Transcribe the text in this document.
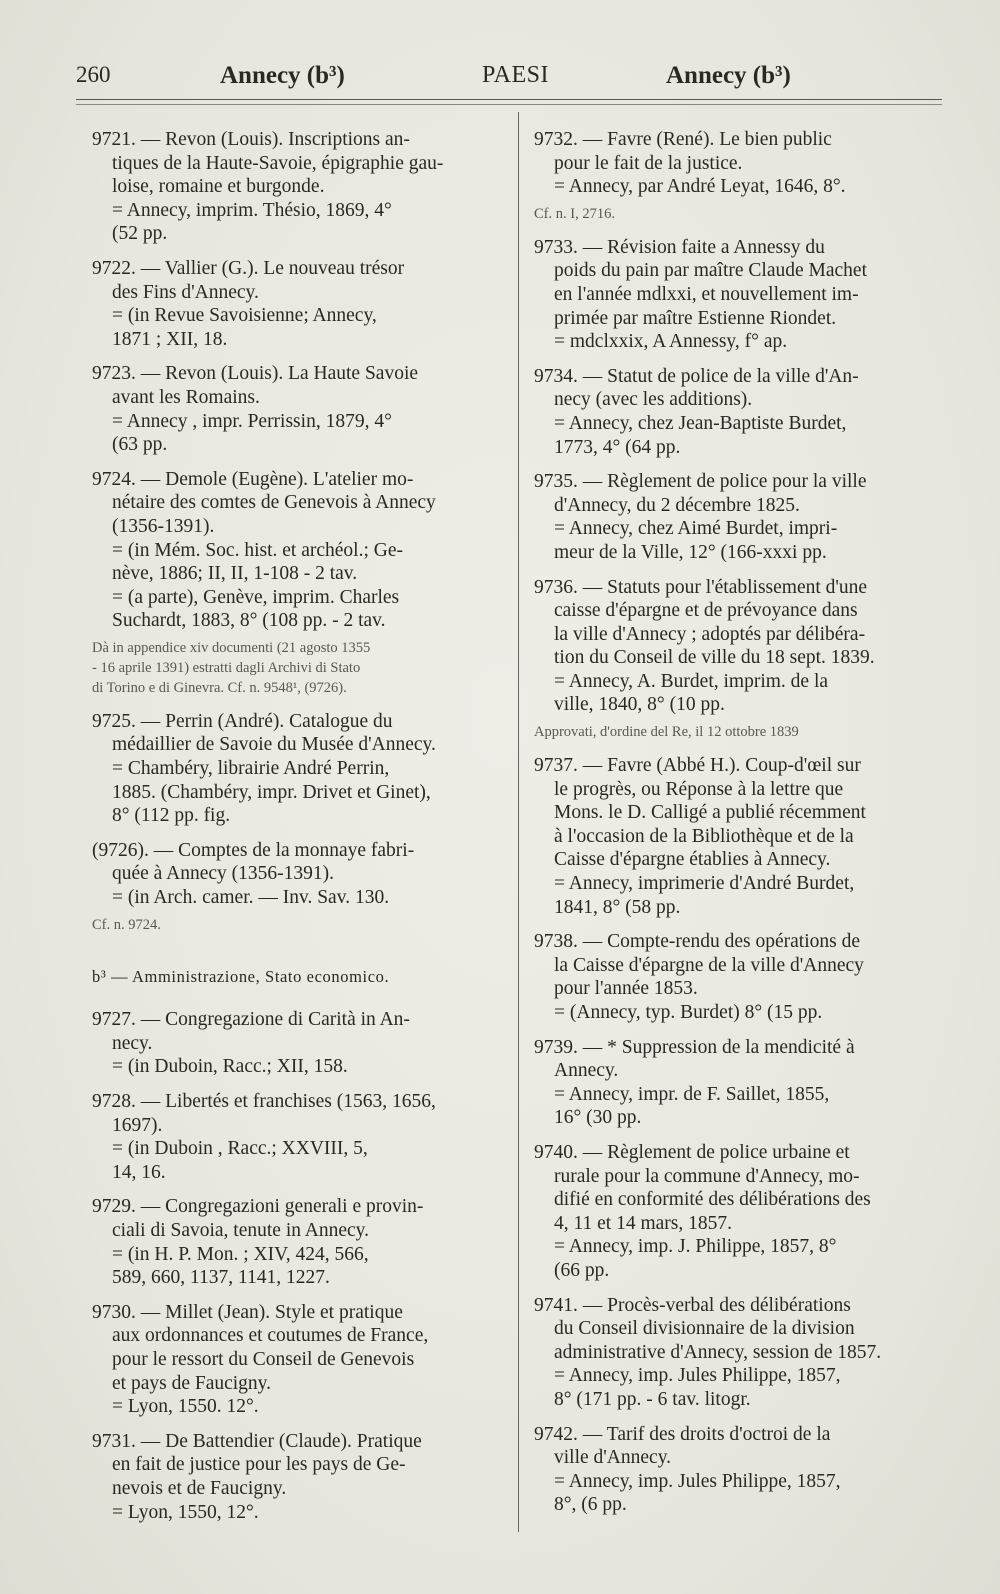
260	Annecy (b³)	PAESI	Annecy (b³)
9721. — Revon (Louis). Inscriptions an-
tiques de la Haute-Savoie, épigraphie gau-
loise, romaine et burgonde.
= Annecy, imprim. Thésio, 1869, 4°
(52 pp.
9722. — Vallier (G.). Le nouveau trésor
des Fins d'Annecy.
= (in Revue Savoisienne; Annecy,
1871 ; XII, 18.
9723. — Revon (Louis). La Haute Savoie
avant les Romains.
= Annecy , impr. Perrissin, 1879, 4°
(63 pp.
9724. — Demole (Eugène). L'atelier mo-
nétaire des comtes de Genevois à Annecy
(1356-1391).
= (in Mém. Soc. hist. et archéol.; Ge-
nève, 1886; II, II, 1-108 - 2 tav.
= (a parte), Genève, imprim. Charles
Suchardt, 1883, 8° (108 pp. - 2 tav.
Dà in appendice xiv documenti (21 agosto 1355
- 16 aprile 1391) estratti dagli Archivi di Stato
di Torino e di Ginevra. Cf. n. 9548¹, (9726).
9725. — Perrin (André). Catalogue du
médaillier de Savoie du Musée d'Annecy.
= Chambéry, librairie André Perrin,
1885. (Chambéry, impr. Drivet et Ginet),
8° (112 pp. fig.
(9726). — Comptes de la monnaye fabri-
quée à Annecy (1356-1391).
= (in Arch. camer. — Inv. Sav. 130.
Cf. n. 9724.
b³ — Amministrazione, Stato economico.
9727. — Congregazione di Carità in An-
necy.
= (in Dubоin, Racc.; XII, 158.
9728. — Libertés et franchises (1563, 1656,
1697).
= (in Duboin , Racc.; XXVIII, 5,
14, 16.
9729. — Congregazioni generali e provin-
ciali di Savoia, tenute in Annecy.
= (in H. P. Mon. ; XIV, 424, 566,
589, 660, 1137, 1141, 1227.
9730. — Millet (Jean). Style et pratique
aux ordonnances et coutumes de France,
pour le ressort du Conseil de Genevois
et pays de Faucigny.
= Lyon, 1550. 12°.
9731. — De Battendier (Claude). Pratique
en fait de justice pour les pays de Ge-
nevois et de Faucigny.
= Lyon, 1550, 12°.
9732. — Favre (René). Le bien public
pour le fait de la justice.
= Annecy, par André Leyat, 1646, 8°.
Cf. n. I, 2716.
9733. — Révision faite a Annessy du
poids du pain par maître Claude Machet
en l'année mdlxxi, et nouvellement im-
primée par maître Estienne Riondet.
= mdclxxix, A Annessy, f° ap.
9734. — Statut de police de la ville d'An-
necy (avec les additions).
= Annecy, chez Jean-Baptiste Burdet,
1773, 4° (64 pp.
9735. — Règlement de police pour la ville
d'Annecy, du 2 décembre 1825.
= Annecy, chez Aimé Burdet, impri-
meur de la Ville, 12° (166-xxxi pp.
9736. — Statuts pour l'établissement d'une
caisse d'épargne et de prévoyance dans
la ville d'Annecy ; adoptés par délibéra-
tion du Conseil de ville du 18 sept. 1839.
= Annecy, A. Burdet, imprim. de la
ville, 1840, 8° (10 pp.
Approvati, d'ordine del Re, il 12 ottobre 1839
9737. — Favre (Abbé H.). Coup-d'œil sur
le progrès, ou Réponse à la lettre que
Mons. le D. Calligé a publié récemment
à l'occasion de la Bibliothèque et de la
Caisse d'épargne établies à Annecy.
= Annecy, imprimerie d'André Burdet,
1841, 8° (58 pp.
9738. — Compte-rendu des opérations de
la Caisse d'épargne de la ville d'Annecy
pour l'année 1853.
= (Annecy, typ. Burdet) 8° (15 pp.
9739. — * Suppression de la mendicité à
Annecy.
= Annecy, impr. de F. Saillet, 1855,
16° (30 pp.
9740. — Règlement de police urbaine et
rurale pour la commune d'Annecy, mo-
difié en conformité des délibérations des
4, 11 et 14 mars, 1857.
= Annecy, imp. J. Philippe, 1857, 8°
(66 pp.
9741. — Procès-verbal des délibérations
du Conseil divisionnaire de la division
administrative d'Annecy, session de 1857.
= Annecy, imp. Jules Philippe, 1857,
8° (171 pp. - 6 tav. litogr.
9742. — Tarif des droits d'octroi de la
ville d'Annecy.
= Annecy, imp. Jules Philippe, 1857,
8°, (6 pp.
